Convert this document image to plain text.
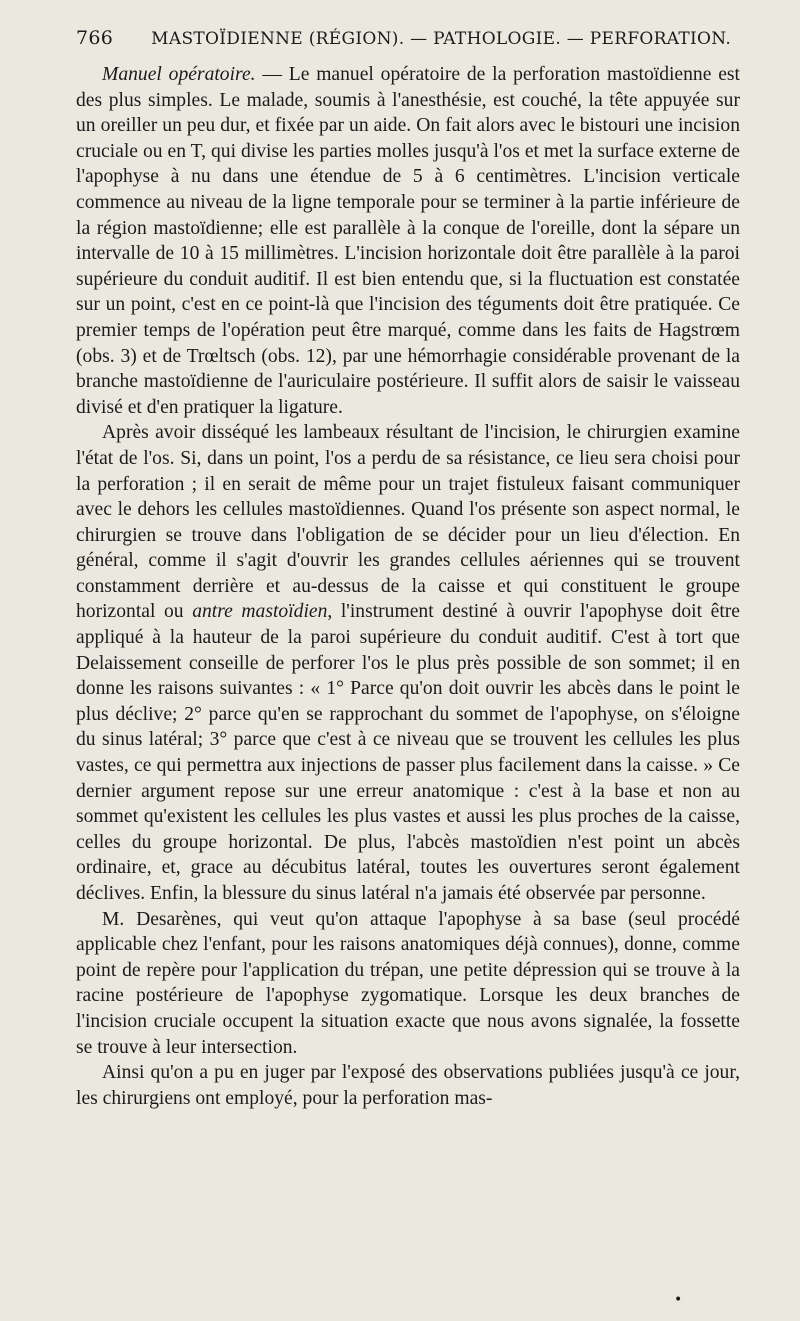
766 MASTOÏDIENNE (RÉGION). — PATHOLOGIE. — PERFORATION.

Manuel opératoire. — Le manuel opératoire de la perforation mastoïdienne est des plus simples. Le malade, soumis à l'anesthésie, est couché, la tête appuyée sur un oreiller un peu dur, et fixée par un aide. On fait alors avec le bistouri une incision cruciale ou en T, qui divise les parties molles jusqu'à l'os et met la surface externe de l'apophyse à nu dans une étendue de 5 à 6 centimètres. L'incision verticale commence au niveau de la ligne temporale pour se terminer à la partie inférieure de la région mastoïdienne; elle est parallèle à la conque de l'oreille, dont la sépare un intervalle de 10 à 15 millimètres. L'incision horizontale doit être parallèle à la paroi supérieure du conduit auditif. Il est bien entendu que, si la fluctuation est constatée sur un point, c'est en ce point-là que l'incision des téguments doit être pratiquée. Ce premier temps de l'opération peut être marqué, comme dans les faits de Hagstrœm (obs. 3) et de Trœltsch (obs. 12), par une hémorrhagie considérable provenant de la branche mastoïdienne de l'auriculaire postérieure. Il suffit alors de saisir le vaisseau divisé et d'en pratiquer la ligature.

Après avoir disséqué les lambeaux résultant de l'incision, le chirurgien examine l'état de l'os. Si, dans un point, l'os a perdu de sa résistance, ce lieu sera choisi pour la perforation ; il en serait de même pour un trajet fistuleux faisant communiquer avec le dehors les cellules mastoïdiennes. Quand l'os présente son aspect normal, le chirurgien se trouve dans l'obligation de se décider pour un lieu d'élection. En général, comme il s'agit d'ouvrir les grandes cellules aériennes qui se trouvent constamment derrière et au-dessus de la caisse et qui constituent le groupe horizontal ou antre mastoïdien, l'instrument destiné à ouvrir l'apophyse doit être appliqué à la hauteur de la paroi supérieure du conduit auditif. C'est à tort que Delaissement conseille de perforer l'os le plus près possible de son sommet; il en donne les raisons suivantes : « 1° Parce qu'on doit ouvrir les abcès dans le point le plus déclive; 2° parce qu'en se rapprochant du sommet de l'apophyse, on s'éloigne du sinus latéral; 3° parce que c'est à ce niveau que se trouvent les cellules les plus vastes, ce qui permettra aux injections de passer plus facilement dans la caisse. » Ce dernier argument repose sur une erreur anatomique : c'est à la base et non au sommet qu'existent les cellules les plus vastes et aussi les plus proches de la caisse, celles du groupe horizontal. De plus, l'abcès mastoïdien n'est point un abcès ordinaire, et, grace au décubitus latéral, toutes les ouvertures seront également déclives. Enfin, la blessure du sinus latéral n'a jamais été observée par personne.

M. Desarènes, qui veut qu'on attaque l'apophyse à sa base (seul procédé applicable chez l'enfant, pour les raisons anatomiques déjà connues), donne, comme point de repère pour l'application du trépan, une petite dépression qui se trouve à la racine postérieure de l'apophyse zygomatique. Lorsque les deux branches de l'incision cruciale occupent la situation exacte que nous avons signalée, la fossette se trouve à leur intersection.

Ainsi qu'on a pu en juger par l'exposé des observations publiées jusqu'à ce jour, les chirurgiens ont employé, pour la perforation mas-

•
